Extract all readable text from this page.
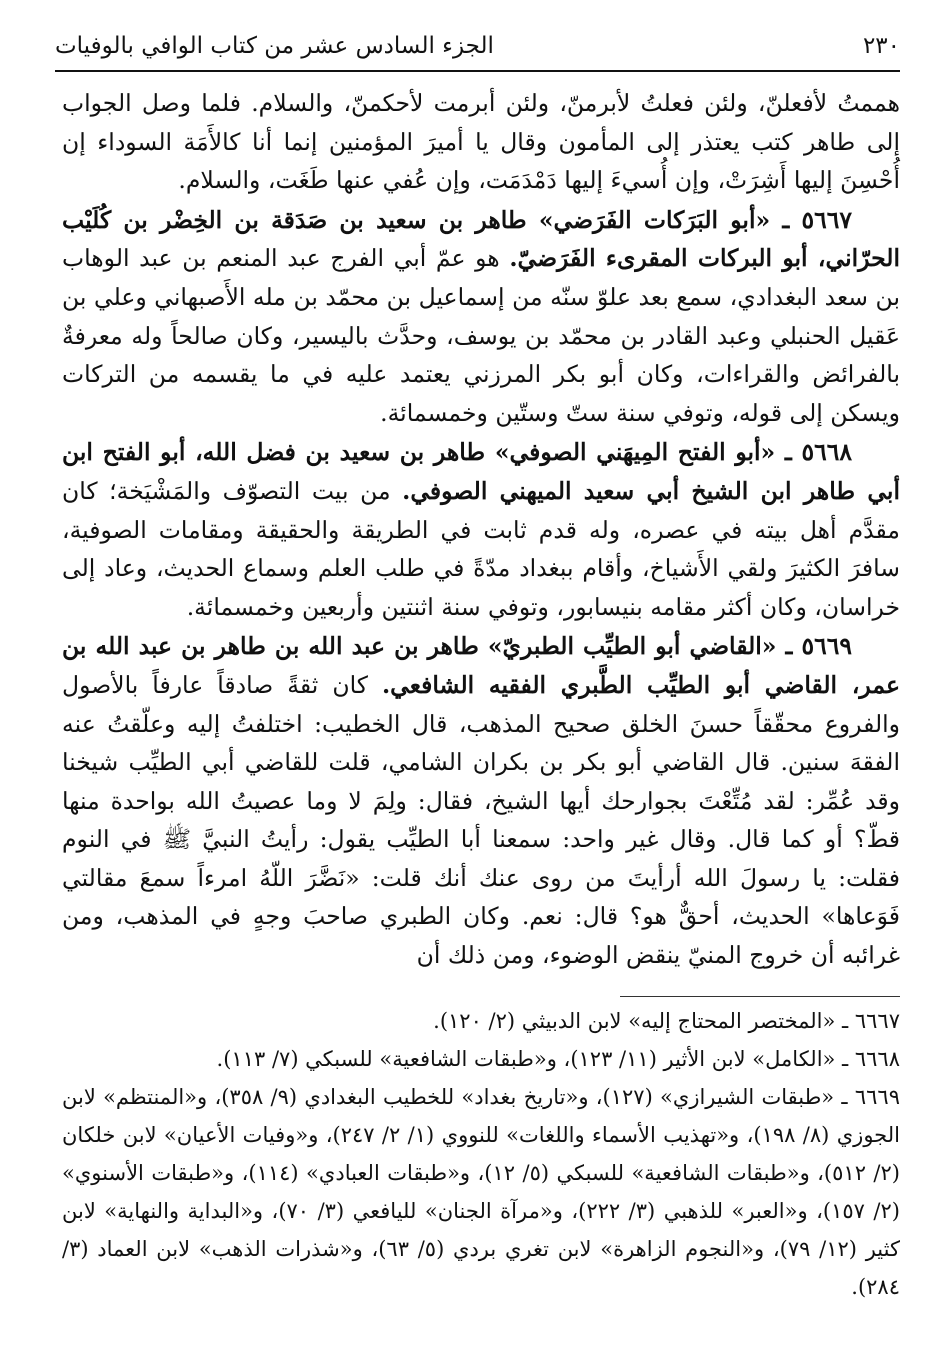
٢٣٠
الجزء السادس عشر من كتاب الوافي بالوفيات

هممتُ لأفعلنّ، ولئن فعلتُ لأبرمنّ، ولئن أبرمت لأحكمنّ، والسلام. فلما وصل الجواب إلى طاهر كتب يعتذر إلى المأمون وقال يا أميرَ المؤمنين إنما أنا كالأَمَة السوداء إن أُحْسِنَ إليها أَشِرَتْ، وإن أُسيءَ إليها دَمْدَمَت، وإن عُفي عنها طَغَت، والسلام.

٥٦٦٧ ـ «أبو البَرَكات الفَرَضي» طاهر بن سعيد بن صَدَقة بن الخِضْر بن كُلَيْب الحرّاني، أبو البركات المقرىء الفَرَضيّ. هو عمّ أبي الفرج عبد المنعم بن عبد الوهاب بن سعد البغدادي، سمع بعد علوّ سنّه من إسماعيل بن محمّد بن مله الأَصبهاني وعلي بن عَقيل الحنبلي وعبد القادر بن محمّد بن يوسف، وحدَّث باليسير، وكان صالحاً وله معرفةٌ بالفرائض والقراءات، وكان أبو بكر المرزني يعتمد عليه في ما يقسمه من التركات ويسكن إلى قوله، وتوفي سنة ستّ وستّين وخمسمائة.

٥٦٦٨ ـ «أبو الفتح المِيهَني الصوفي» طاهر بن سعيد بن فضل الله، أبو الفتح ابن أبي طاهر ابن الشيخ أبي سعيد الميهني الصوفي. من بيت التصوّف والمَشْيَخة؛ كان مقدَّم أهل بيته في عصره، وله قدم ثابت في الطريقة والحقيقة ومقامات الصوفية، سافرَ الكثيرَ ولقي الأَشياخ، وأقام ببغداد مدّةً في طلب العلم وسماع الحديث، وعاد إلى خراسان، وكان أكثر مقامه بنيسابور، وتوفي سنة اثنتين وأربعين وخمسمائة.

٥٦٦٩ ـ «القاضي أبو الطيِّب الطبريّ» طاهر بن عبد الله بن طاهر بن عبد الله بن عمر، القاضي أبو الطيِّب الطَّبري الفقيه الشافعي. كان ثقةً صادقاً عارفاً بالأصول والفروع محقّقاً حسنَ الخلق صحيح المذهب، قال الخطيب: اختلفتُ إليه وعلّقتُ عنه الفقهَ سنين. قال القاضي أبو بكر بن بكران الشامي، قلت للقاضي أبي الطيِّب شيخنا وقد عُمِّر: لقد مُتِّعْتَ بجوارحك أيها الشيخ، فقال: ولِمَ لا وما عصيتُ الله بواحدة منها قطّ؟ أو كما قال. وقال غير واحد: سمعنا أبا الطيِّب يقول: رأيتُ النبيَّ ﷺ في النوم فقلت: يا رسولَ الله أرأيتَ من روى عنك أنك قلت: «نَضَّرَ اللّهُ امرءاً سمعَ مقالتي فَوَعاها» الحديث، أحقٌّ هو؟ قال: نعم. وكان الطبري صاحبَ وجهٍ في المذهب، ومن غرائبه أن خروج المنيّ ينقض الوضوء، ومن ذلك أن

٦٦٦٧ ـ «المختصر المحتاج إليه» لابن الدبيثي (٢/ ١٢٠).

٦٦٦٨ ـ «الكامل» لابن الأثير (١١/ ١٢٣)، و«طبقات الشافعية» للسبكي (٧/ ١١٣).

٦٦٦٩ ـ «طبقات الشيرازي» (١٢٧)، و«تاريخ بغداد» للخطيب البغدادي (٩/ ٣٥٨)، و«المنتظم» لابن الجوزي (٨/ ١٩٨)، و«تهذيب الأسماء واللغات» للنووي (١/ ٢/ ٢٤٧)، و«وفيات الأعيان» لابن خلكان (٢/ ٥١٢)، و«طبقات الشافعية» للسبكي (٥/ ١٢)، و«طبقات العبادي» (١١٤)، و«طبقات الأسنوي» (٢/ ١٥٧)، و«العبر» للذهبي (٣/ ٢٢٢)، و«مرآة الجنان» لليافعي (٣/ ٧٠)، و«البداية والنهاية» لابن كثير (١٢/ ٧٩)، و«النجوم الزاهرة» لابن تغري بردي (٥/ ٦٣)، و«شذرات الذهب» لابن العماد (٣/ ٢٨٤).
